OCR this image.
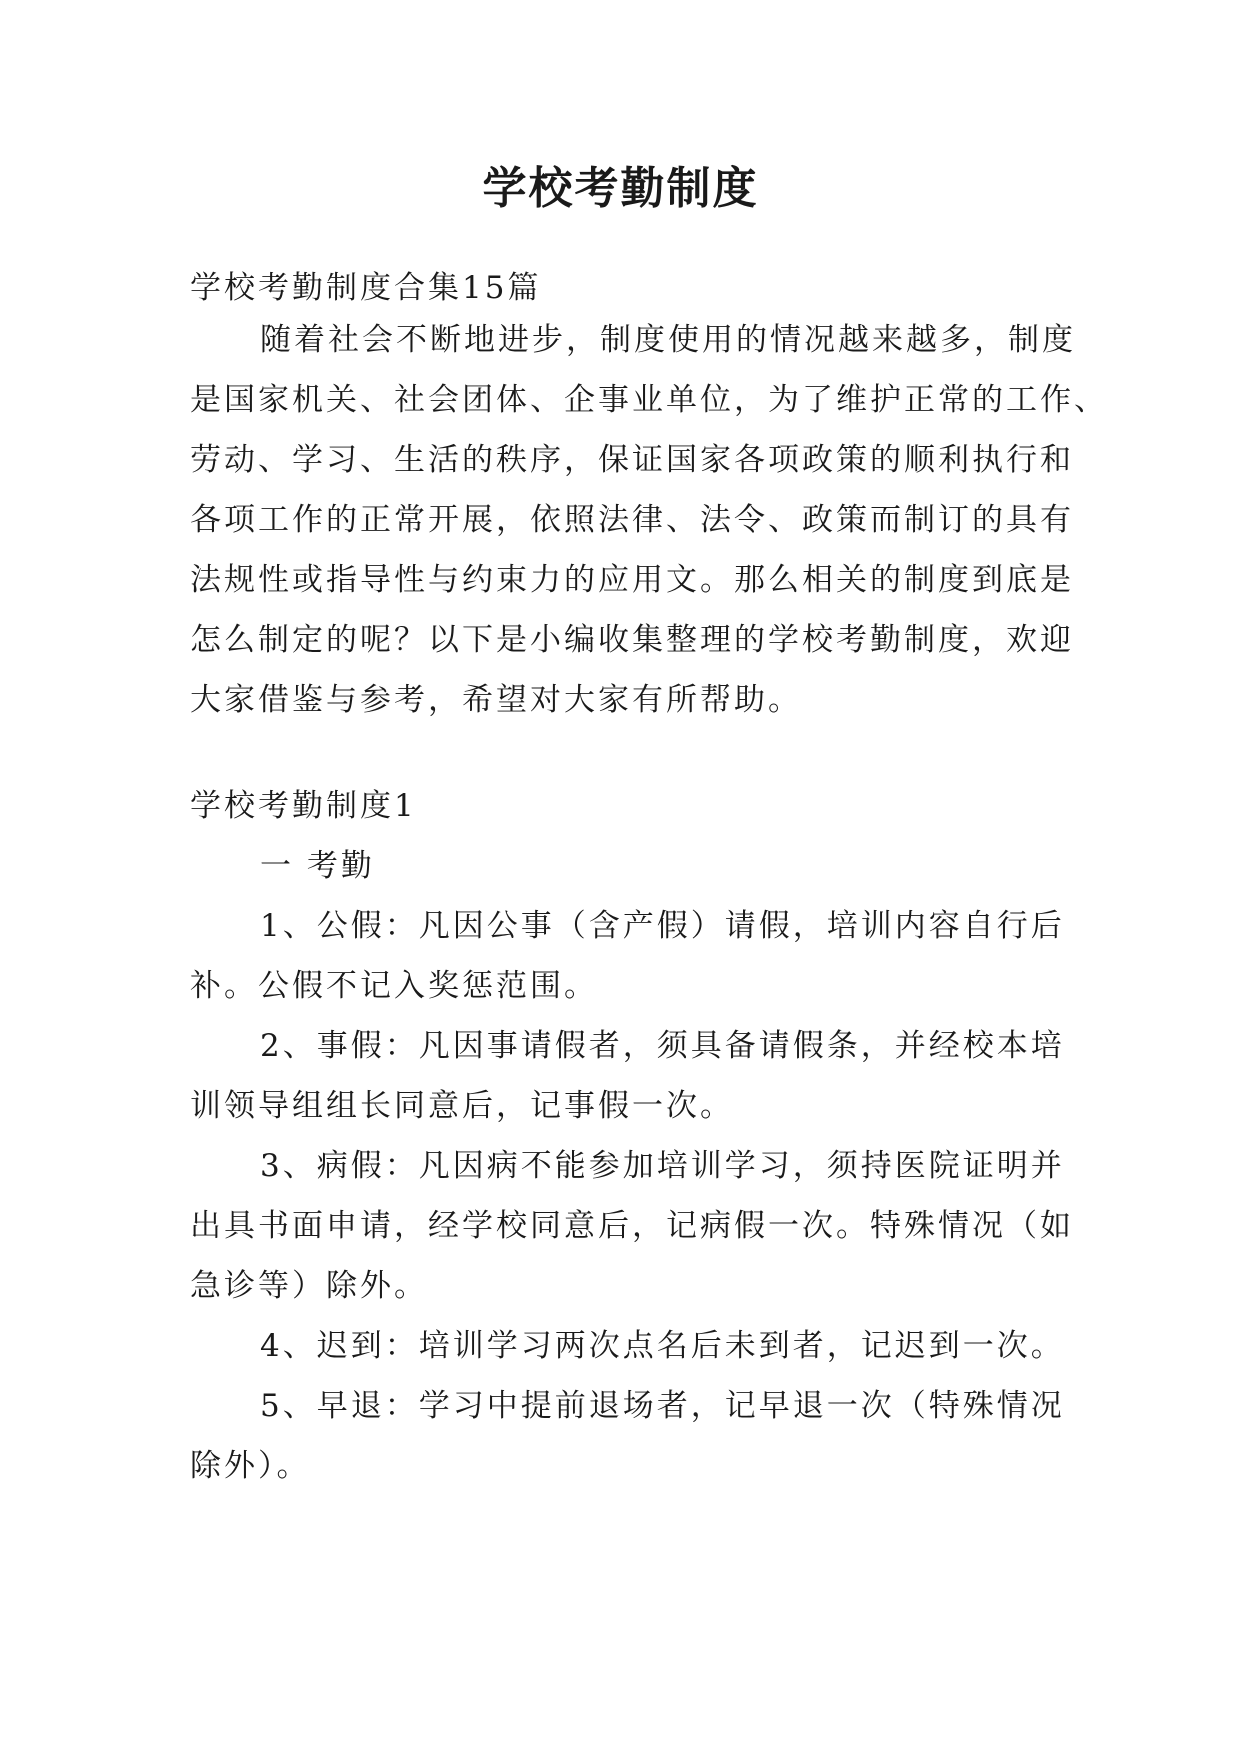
学校考勤制度
学校考勤制度合集15篇
随着社会不断地进步，制度使用的情况越来越多，制度
是国家机关、社会团体、企事业单位，为了维护正常的工作、
劳动、学习、生活的秩序，保证国家各项政策的顺利执行和
各项工作的正常开展，依照法律、法令、政策而制订的具有
法规性或指导性与约束力的应用文。那么相关的制度到底是
怎么制定的呢？以下是小编收集整理的学校考勤制度，欢迎
大家借鉴与参考，希望对大家有所帮助。
学校考勤制度1
一 考勤
1、公假：凡因公事（含产假）请假，培训内容自行后
补。公假不记入奖惩范围。
2、事假：凡因事请假者，须具备请假条，并经校本培
训领导组组长同意后，记事假一次。
3、病假：凡因病不能参加培训学习，须持医院证明并
出具书面申请，经学校同意后，记病假一次。特殊情况（如
急诊等）除外。
4、迟到：培训学习两次点名后未到者，记迟到一次。
5、早退：学习中提前退场者，记早退一次（特殊情况
除外）。
